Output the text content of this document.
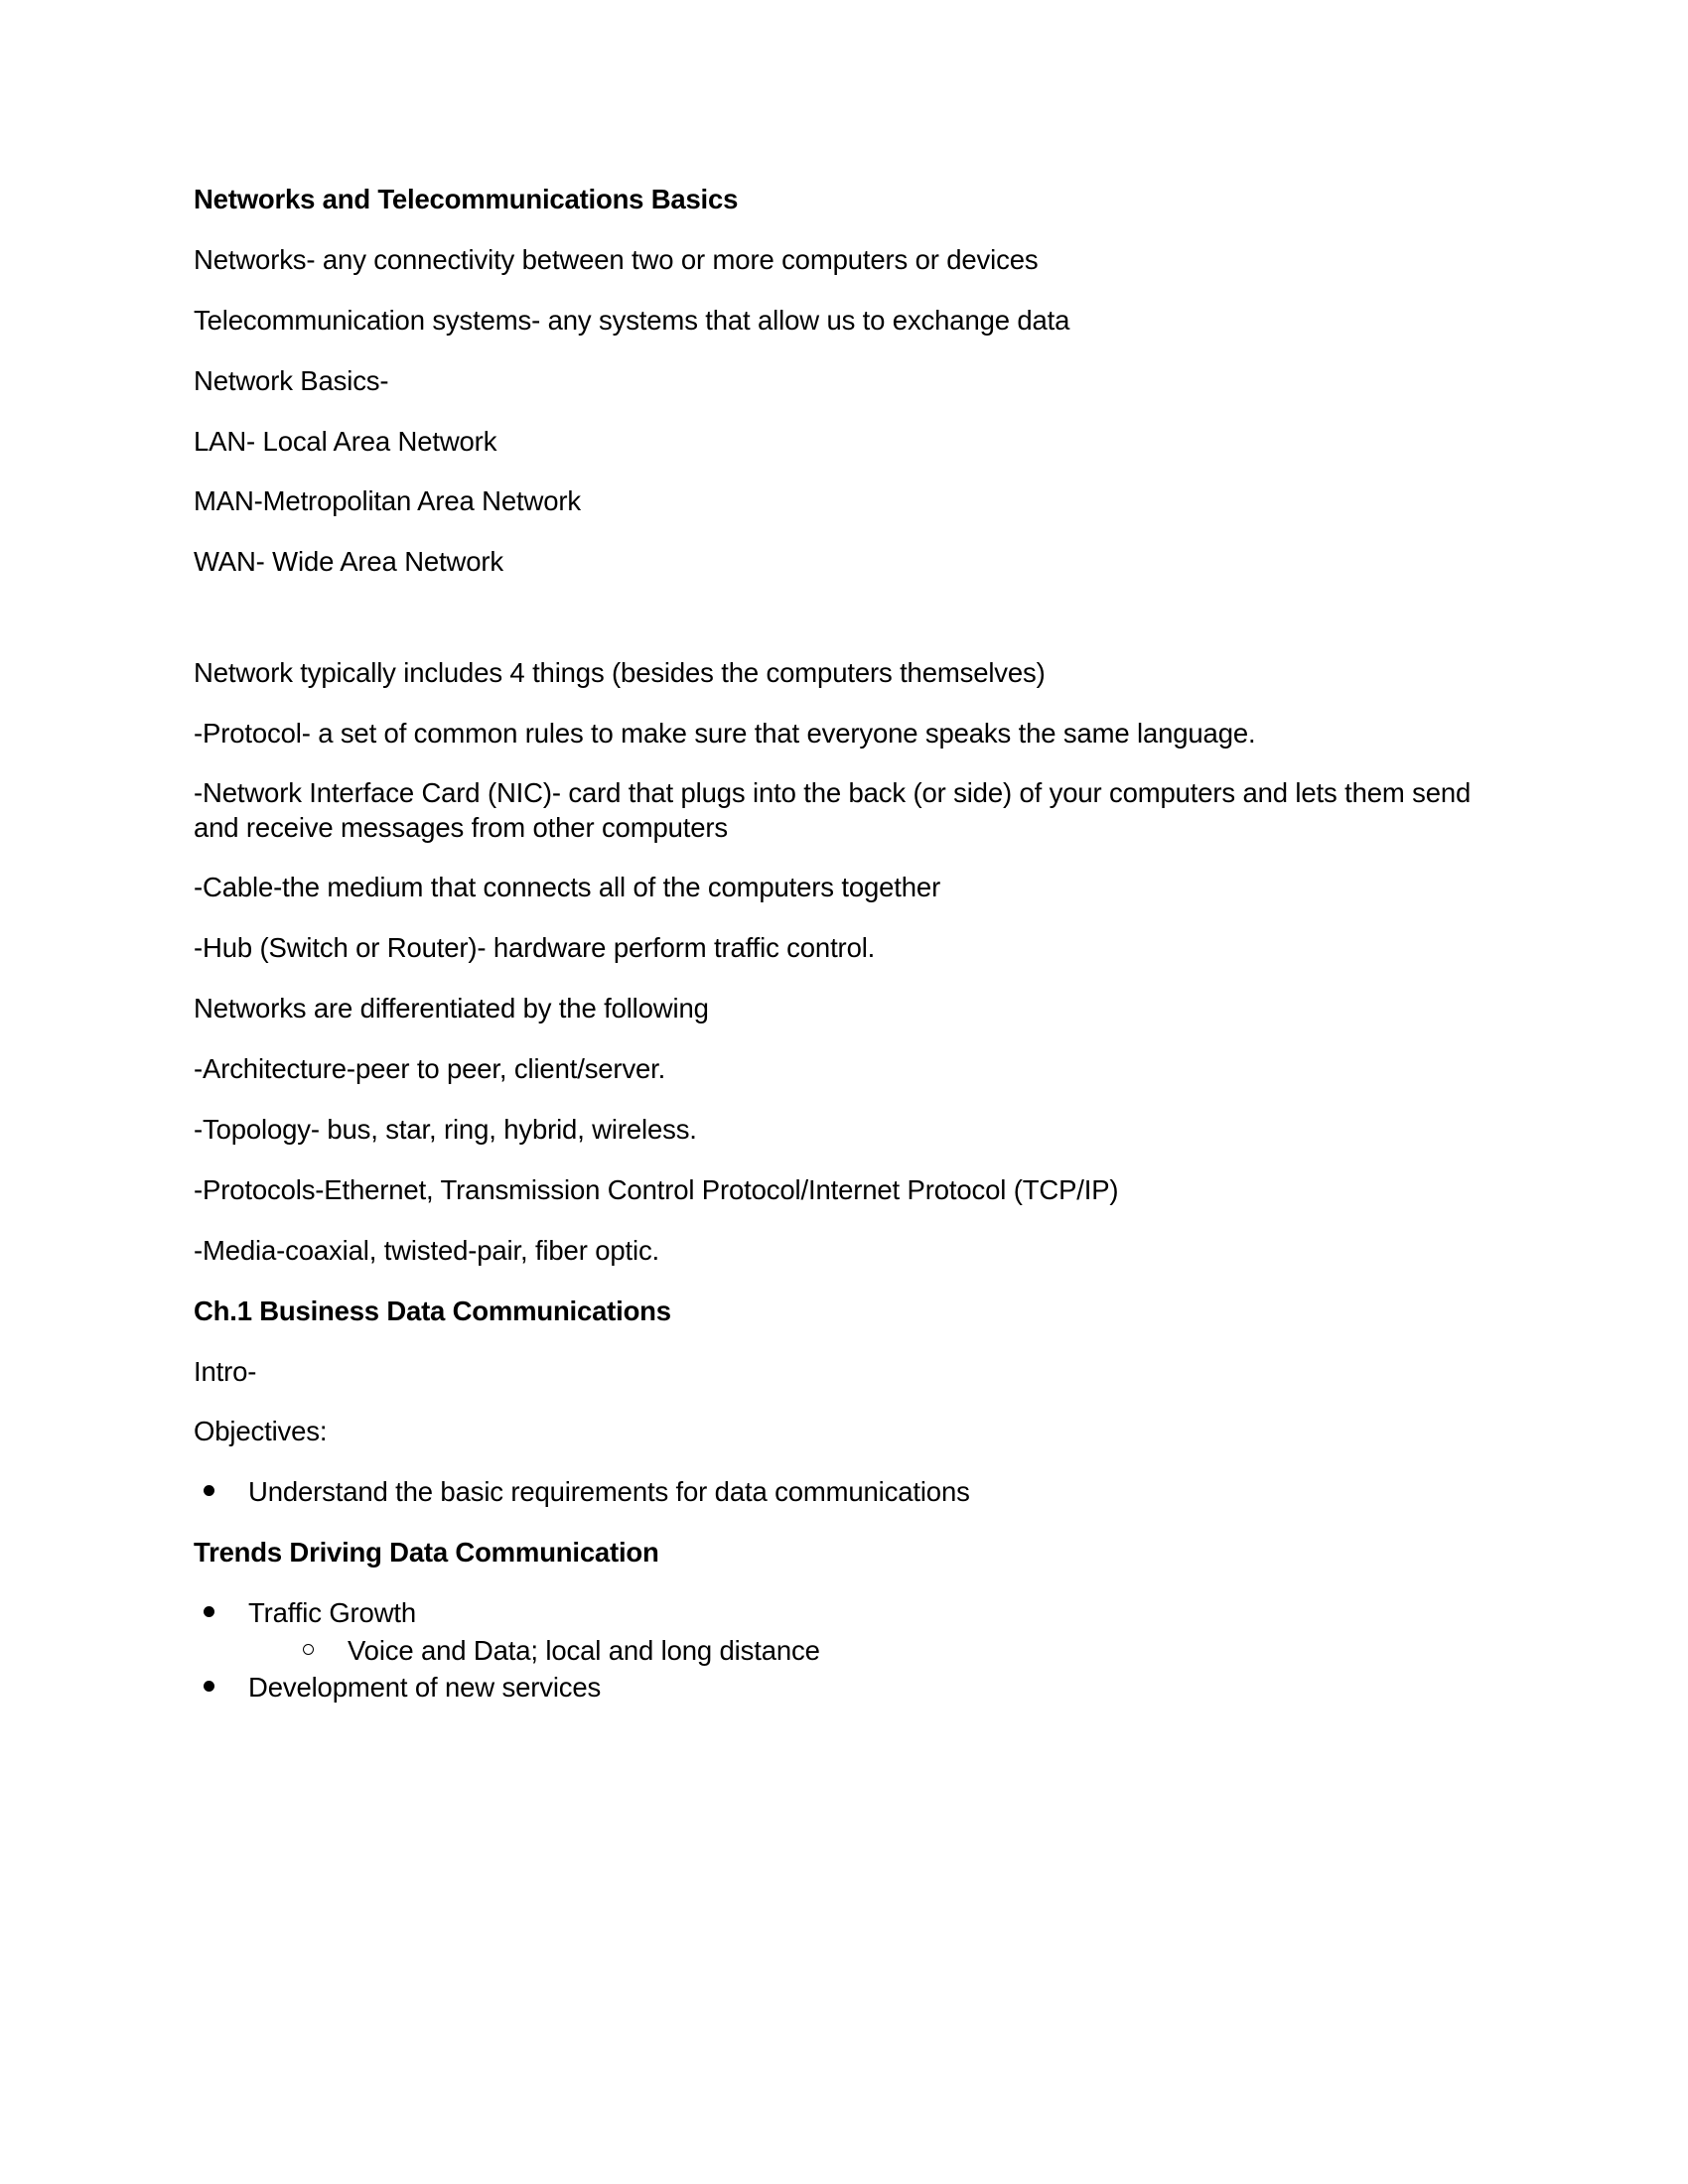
Networks and Telecommunications Basics

Networks- any connectivity between two or more computers or devices

Telecommunication systems- any systems that allow us to exchange data

Network Basics-

LAN- Local Area Network

MAN-Metropolitan Area Network

WAN- Wide Area Network

Network typically includes 4 things (besides the computers themselves)

-Protocol- a set of common rules to make sure that everyone speaks the same language.

-Network Interface Card (NIC)- card that plugs into the back (or side) of your computers and lets them send and receive messages from other computers

-Cable-the medium that connects all of the computers together

-Hub (Switch or Router)- hardware perform traffic control.

Networks are differentiated by the following

-Architecture-peer to peer, client/server.

-Topology- bus, star, ring, hybrid, wireless.

-Protocols-Ethernet, Transmission Control Protocol/Internet Protocol (TCP/IP)

-Media-coaxial, twisted-pair, fiber optic.

Ch.1 Business Data Communications

Intro-

Objectives:

Understand the basic requirements for data communications

Trends Driving Data Communication

Traffic Growth
Voice and Data; local and long distance
Development of new services
